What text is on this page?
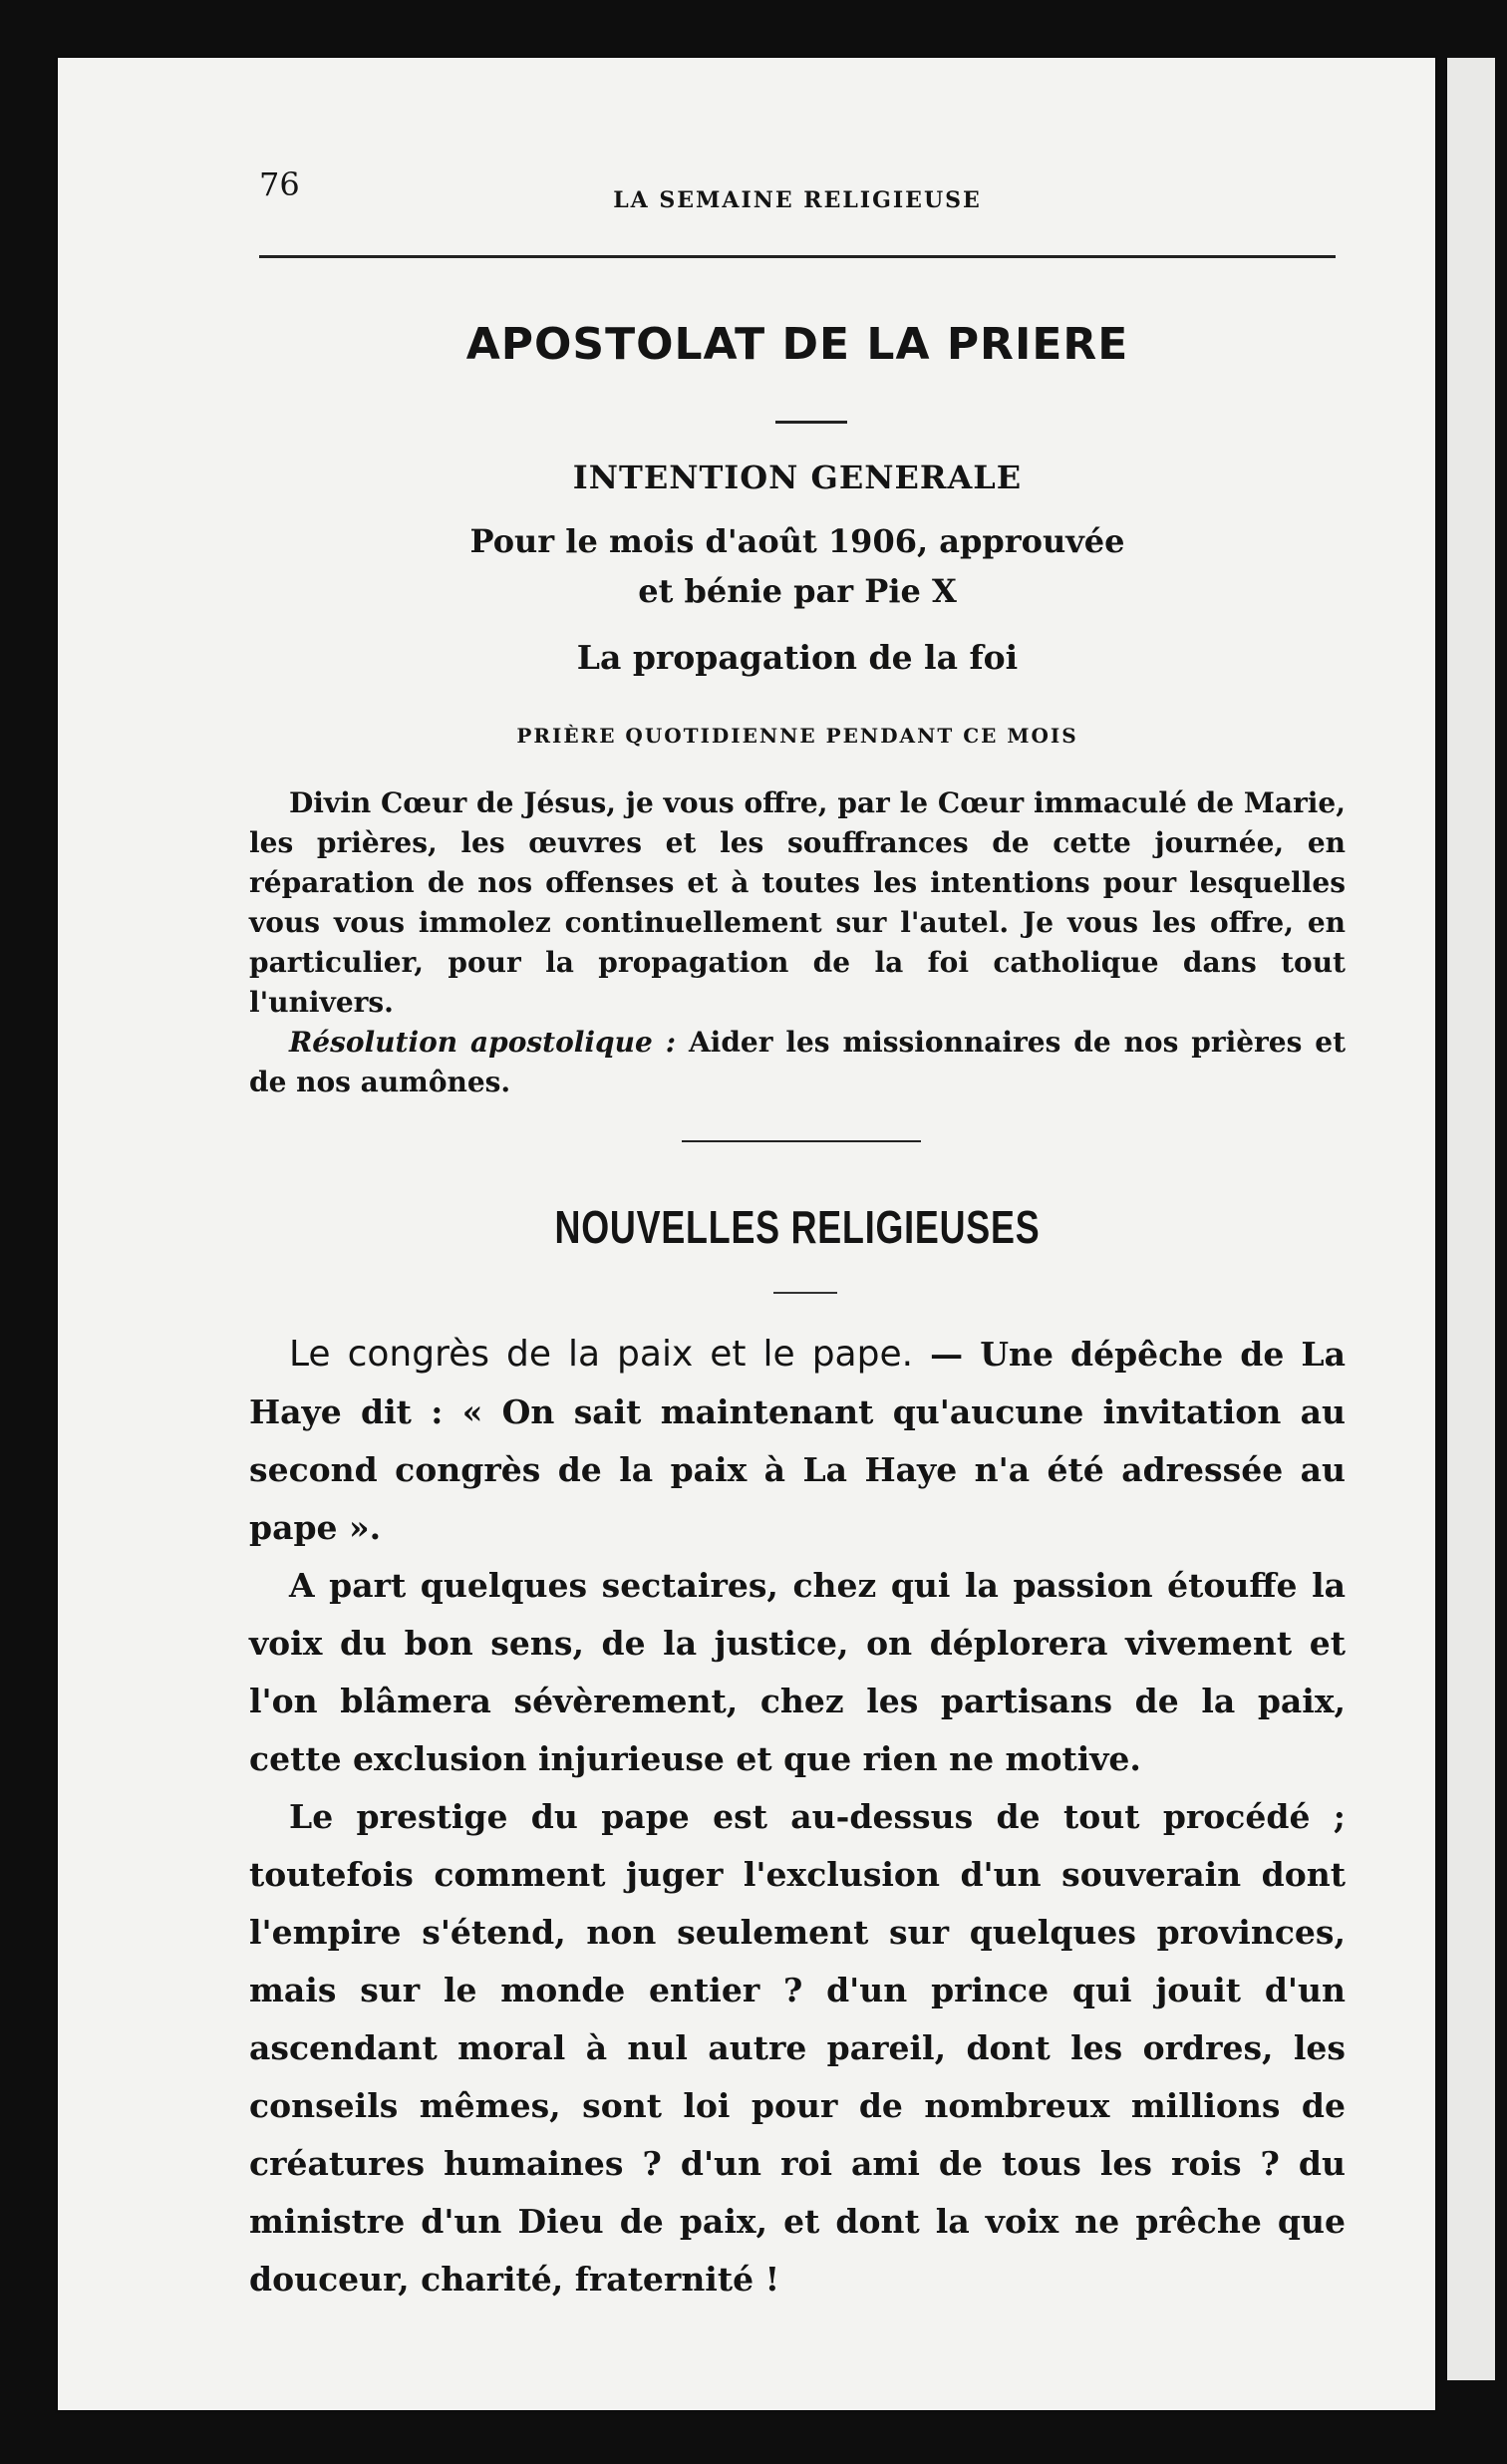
76	LA SEMAINE RELIGIEUSE
APOSTOLAT DE LA PRIERE
INTENTION GENERALE
Pour le mois d'août 1906, approuvée et bénie par Pie X
La propagation de la foi
PRIÈRE QUOTIDIENNE PENDANT CE MOIS

Divin Cœur de Jésus, je vous offre, par le Cœur immaculé de Marie, les prières, les œuvres et les souffrances de cette journée, en réparation de nos offenses et à toutes les intentions pour lesquelles vous vous immolez continuellement sur l'autel. Je vous les offre, en particulier, pour la propagation de la foi catholique dans tout l'univers.

Résolution apostolique : Aider les missionnaires de nos prières et de nos aumônes.

NOUVELLES RELIGIEUSES

Le congrès de la paix et le pape. — Une dépêche de La Haye dit : « On sait maintenant qu'aucune invitation au second congrès de la paix à La Haye n'a été adressée au pape ».

A part quelques sectaires, chez qui la passion étouffe la voix du bon sens, de la justice, on déplorera vivement et l'on blâmera sévèrement, chez les partisans de la paix, cette exclusion injurieuse et que rien ne motive.

Le prestige du pape est au-dessus de tout procédé ; toutefois comment juger l'exclusion d'un souverain dont l'empire s'étend, non seulement sur quelques provinces, mais sur le monde entier ? d'un prince qui jouit d'un ascendant moral à nul autre pareil, dont les ordres, les conseils mêmes, sont loi pour de nombreux millions de créatures humaines ? d'un roi ami de tous les rois ? du ministre d'un Dieu de paix, et dont la voix ne prêche que douceur, charité, fraternité !
